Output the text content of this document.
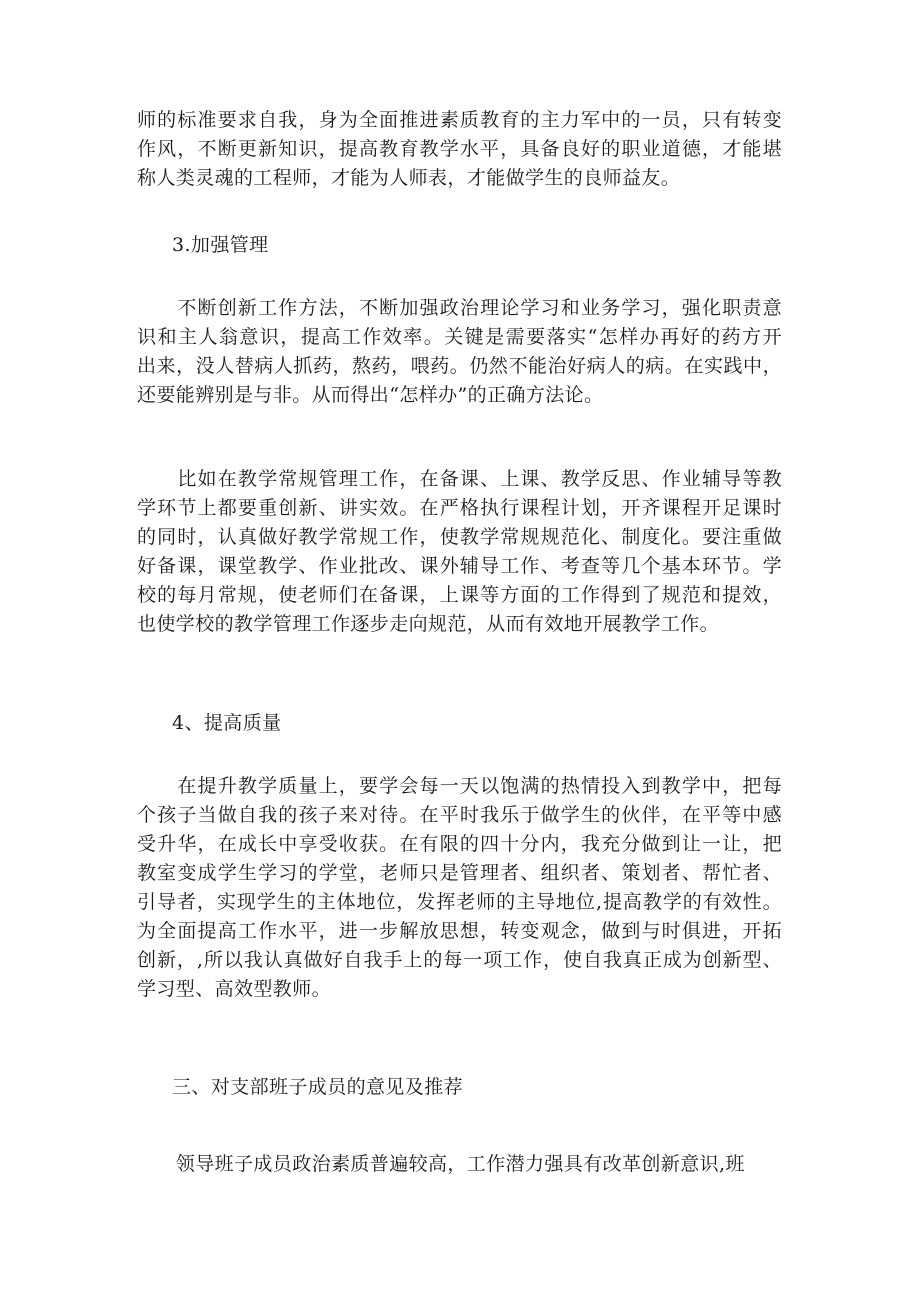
师的标准要求自我，身为全面推进素质教育的主力军中的一员，只有转变
作风，不断更新知识，提高教育教学水平，具备良好的职业道德，才能堪
称人类灵魂的工程师，才能为人师表，才能做学生的良师益友。
3.加强管理
　　不断创新工作方法，不断加强政治理论学习和业务学习，强化职责意
识和主人翁意识，提高工作效率。关键是需要落实“怎样办再好的药方开
出来，没人替病人抓药，熬药，喂药。仍然不能治好病人的病。在实践中，
还要能辨别是与非。从而得出“怎样办”的正确方法论。
　　比如在教学常规管理工作，在备课、上课、教学反思、作业辅导等教
学环节上都要重创新、讲实效。在严格执行课程计划，开齐课程开足课时
的同时，认真做好教学常规工作，使教学常规规范化、制度化。要注重做
好备课，课堂教学、作业批改、课外辅导工作、考查等几个基本环节。学
校的每月常规，使老师们在备课，上课等方面的工作得到了规范和提效，
也使学校的教学管理工作逐步走向规范，从而有效地开展教学工作。
4、提高质量
　　在提升教学质量上，要学会每一天以饱满的热情投入到教学中，把每
个孩子当做自我的孩子来对待。在平时我乐于做学生的伙伴，在平等中感
受升华，在成长中享受收获。在有限的四十分内，我充分做到让一让，把
教室变成学生学习的学堂，老师只是管理者、组织者、策划者、帮忙者、
引导者，实现学生的主体地位，发挥老师的主导地位,提高教学的有效性。
为全面提高工作水平，进一步解放思想，转变观念，做到与时俱进，开拓
创新，,所以我认真做好自我手上的每一项工作，使自我真正成为创新型、
学习型、高效型教师。
三、对支部班子成员的意见及推荐
　　领导班子成员政治素质普遍较高，工作潜力强具有改革创新意识,班
